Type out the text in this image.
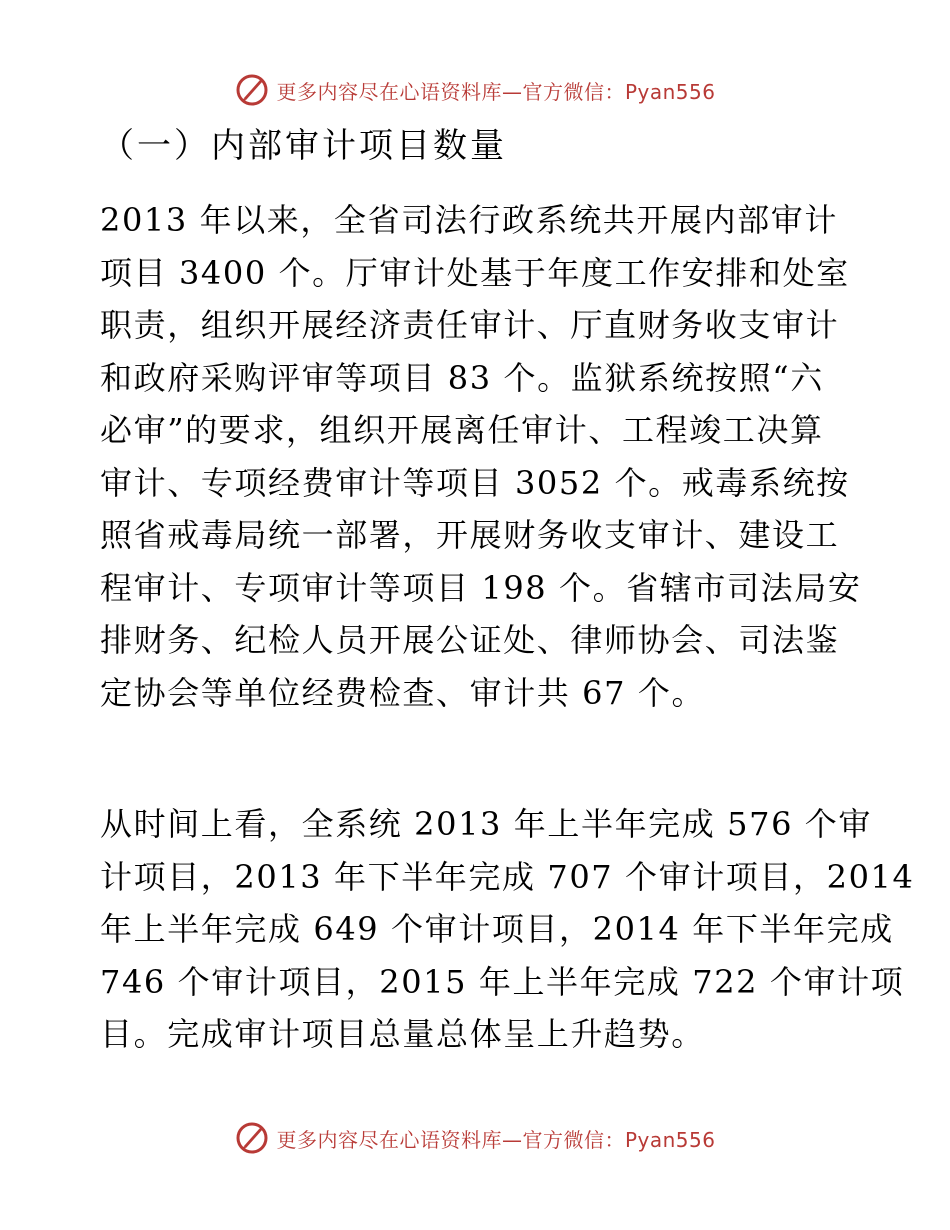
更多内容尽在心语资料库—官方微信：Pyan556
（一）内部审计项目数量
2013 年以来，全省司法行政系统共开展内部审计
项目 3400 个。厅审计处基于年度工作安排和处室
职责，组织开展经济责任审计、厅直财务收支审计
和政府采购评审等项目 83 个。监狱系统按照“六
必审”的要求，组织开展离任审计、工程竣工决算
审计、专项经费审计等项目 3052 个。戒毒系统按
照省戒毒局统一部署，开展财务收支审计、建设工
程审计、专项审计等项目 198 个。省辖市司法局安
排财务、纪检人员开展公证处、律师协会、司法鉴
定协会等单位经费检查、审计共 67 个。
从时间上看，全系统 2013 年上半年完成 576 个审
计项目，2013 年下半年完成 707 个审计项目，2014
年上半年完成 649 个审计项目，2014 年下半年完成
746 个审计项目，2015 年上半年完成 722 个审计项
目。完成审计项目总量总体呈上升趋势。
更多内容尽在心语资料库—官方微信：Pyan556
